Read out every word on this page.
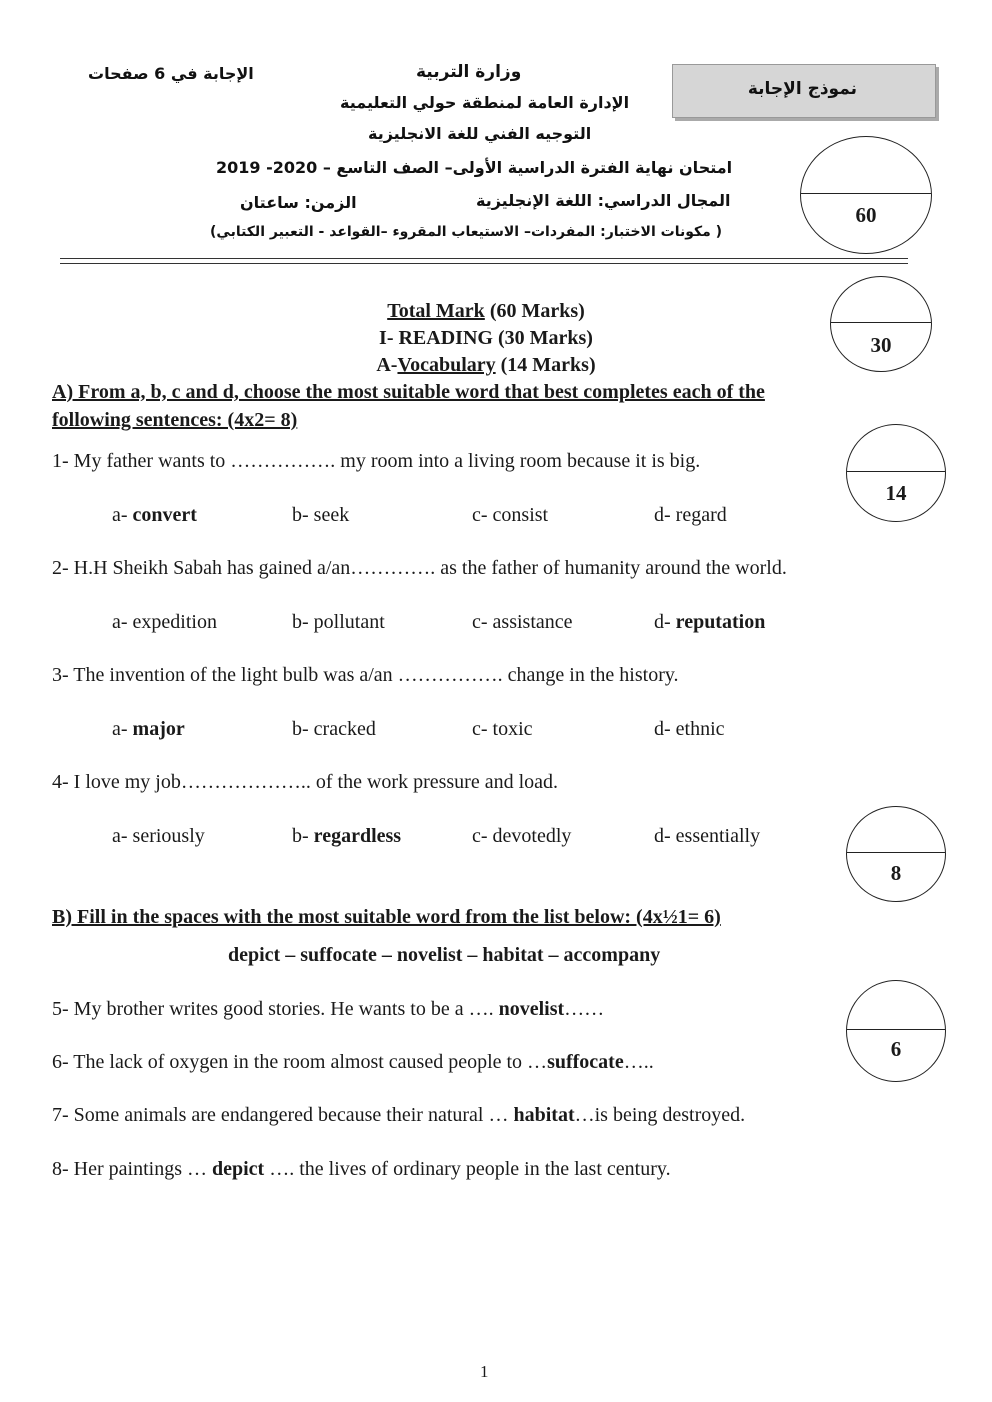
وزارة التربية
الإدارة العامة لمنطقة حولي التعليمية
التوجيه الفني للغة الانجليزية
الإجابة في 6 صفحات
نموذج الإجابة
امتحان نهاية الفترة الدراسية الأولى– الصف التاسع – 2019 -2020
المجال الدراسي: اللغة الإنجليزية
الزمن: ساعتان
( مكونات الاختبار: المفردات– الاستيعاب المقروء –القواعد - التعبير الكتابي)
60
Total Mark (60 Marks)
I- READING (30 Marks)
A-Vocabulary (14 Marks)
30
A) From a, b, c and d, choose the most suitable word that best completes each of the
following sentences: (4x2= 8)
14
1- My father wants to ……………. my room into a living room because it is big.
a- convert	b- seek	c- consist	d- regard
2- H.H Sheikh Sabah has gained a/an…………. as the father of humanity around the world.
a- expedition	b- pollutant	c- assistance	d- reputation
3- The invention of the light bulb was a/an ……………. change in the history.
a- major	b- cracked	c- toxic	d- ethnic
4- I love my job……………….. of the work pressure and load.
a- seriously	b- regardless	c- devotedly	d- essentially
8
B) Fill in the spaces with the most suitable word from the list below: (4x½1= 6)
depict – suffocate – novelist – habitat – accompany
6
5- My brother writes good stories. He wants to be a …. novelist……
6- The lack of oxygen in the room almost caused people to …suffocate…..
7- Some animals are endangered because their natural … habitat…is being destroyed.
8- Her paintings … depict …. the lives of ordinary people in the last century.
1
